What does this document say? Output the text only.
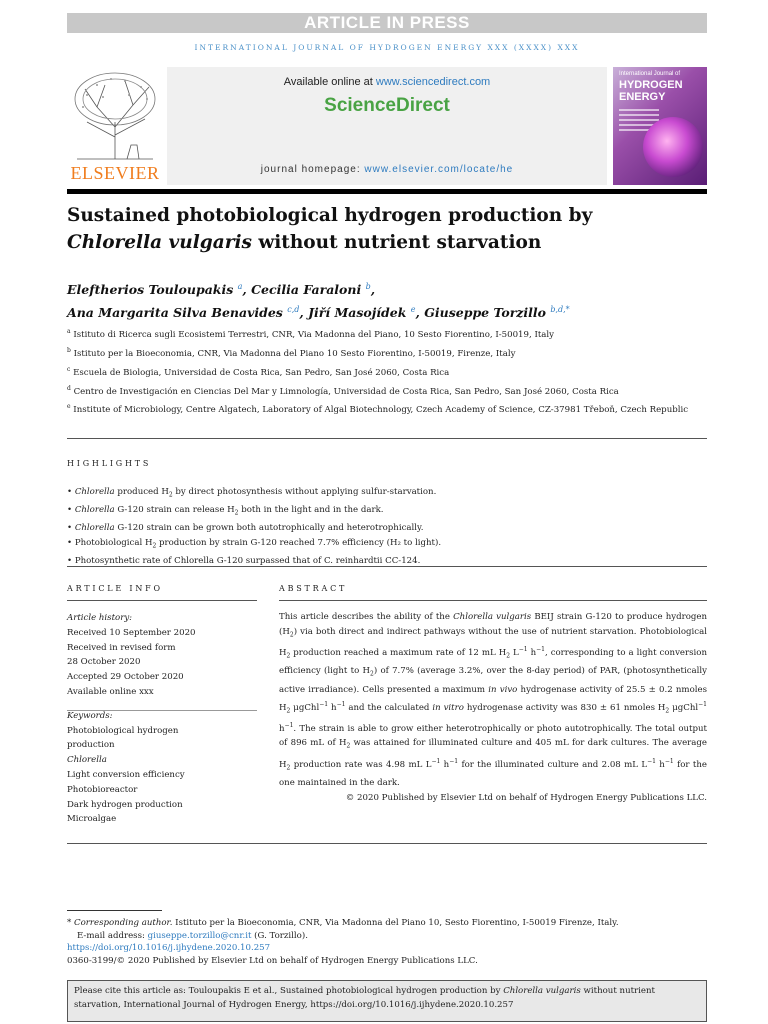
ARTICLE IN PRESS
INTERNATIONAL JOURNAL OF HYDROGEN ENERGY XXX (XXXX) XXX
ELSEVIER
Available online at www.sciencedirect.com
ScienceDirect
journal homepage: www.elsevier.com/locate/he
International Journal of
HYDROGEN ENERGY
Sustained photobiological hydrogen production by
Chlorella vulgaris without nutrient starvation
Eleftherios Touloupakis $^a$, Cecilia Faraloni $^b$,
Ana Margarita Silva Benavides $^{c,d}$, Jiří Masojídek $^e$, Giuseppe Torzillo $^{b,d,*}$
$^a$ Istituto di Ricerca sugli Ecosistemi Terrestri, CNR, Via Madonna del Piano, 10 Sesto Fiorentino, I-50019, Italy
$^b$ Istituto per la Bioeconomia, CNR, Via Madonna del Piano 10 Sesto Fiorentino, I-50019, Firenze, Italy
$^c$ Escuela de Biologia, Universidad de Costa Rica, San Pedro, San José 2060, Costa Rica
$^d$ Centro de Investigación en Ciencias Del Mar y Limnología, Universidad de Costa Rica, San Pedro, San José 2060, Costa Rica
$^e$ Institute of Microbiology, Centre Algatech, Laboratory of Algal Biotechnology, Czech Academy of Science, CZ-37981 Třeboň, Czech Republic
HIGHLIGHTS
• Chlorella produced $H_2$ by direct photosynthesis without applying sulfur-starvation.
• Chlorella G-120 strain can release $H_2$ both in the light and in the dark.
• Chlorella G-120 strain can be grown both autotrophically and heterotrophically.
• Photobiological $H_2$ production by strain G-120 reached 7.7% efficiency (H₂ to light).
• Photosynthetic rate of Chlorella G-120 surpassed that of C. reinhardtii CC-124.
ARTICLE INFO	ABSTRACT
Article history:
Received 10 September 2020
Received in revised form
28 October 2020
Accepted 29 October 2020
Available online xxx
Keywords:
Photobiological hydrogen
production
Chlorella
Light conversion efficiency
Photobioreactor
Dark hydrogen production
Microalgae
This article describes the ability of the Chlorella vulgaris BEIJ strain G-120 to produce hydrogen $(H_2)$ via both direct and indirect pathways without the use of nutrient starvation. Photobiological $H_2$ production reached a maximum rate of 12 mL $H_2$ $L^{-1}$ $h^{-1}$, corresponding to a light conversion efficiency (light to $H_2$) of 7.7% (average 3.2%, over the 8-day period) of PAR, (photosynthetically active irradiance). Cells presented a maximum in vivo hydrogenase activity of 25.5 ± 0.2 nmoles $H_2$ μgChl$^{-1}$ $h^{-1}$ and the calculated in vitro hydrogenase activity was 830 ± 61 nmoles $H_2$ μgChl$^{-1}$ $h^{-1}$. The strain is able to grow either heterotrophically or photo autotrophically. The total output of 896 mL of $H_2$ was attained for illuminated culture and 405 mL for dark cultures. The average $H_2$ production rate was 4.98 mL $L^{-1}$ $h^{-1}$ for the illuminated culture and 2.08 mL $L^{-1}$ $h^{-1}$ for the one maintained in the dark.
© 2020 Published by Elsevier Ltd on behalf of Hydrogen Energy Publications LLC.
* Corresponding author. Istituto per la Bioeconomia, CNR, Via Madonna del Piano 10, Sesto Fiorentino, I-50019 Firenze, Italy.
E-mail address: giuseppe.torzillo@cnr.it (G. Torzillo).
https://doi.org/10.1016/j.ijhydene.2020.10.257
0360-3199/© 2020 Published by Elsevier Ltd on behalf of Hydrogen Energy Publications LLC.
Please cite this article as: Touloupakis E et al., Sustained photobiological hydrogen production by Chlorella vulgaris without nutrient starvation, International Journal of Hydrogen Energy, https://doi.org/10.1016/j.ijhydene.2020.10.257
